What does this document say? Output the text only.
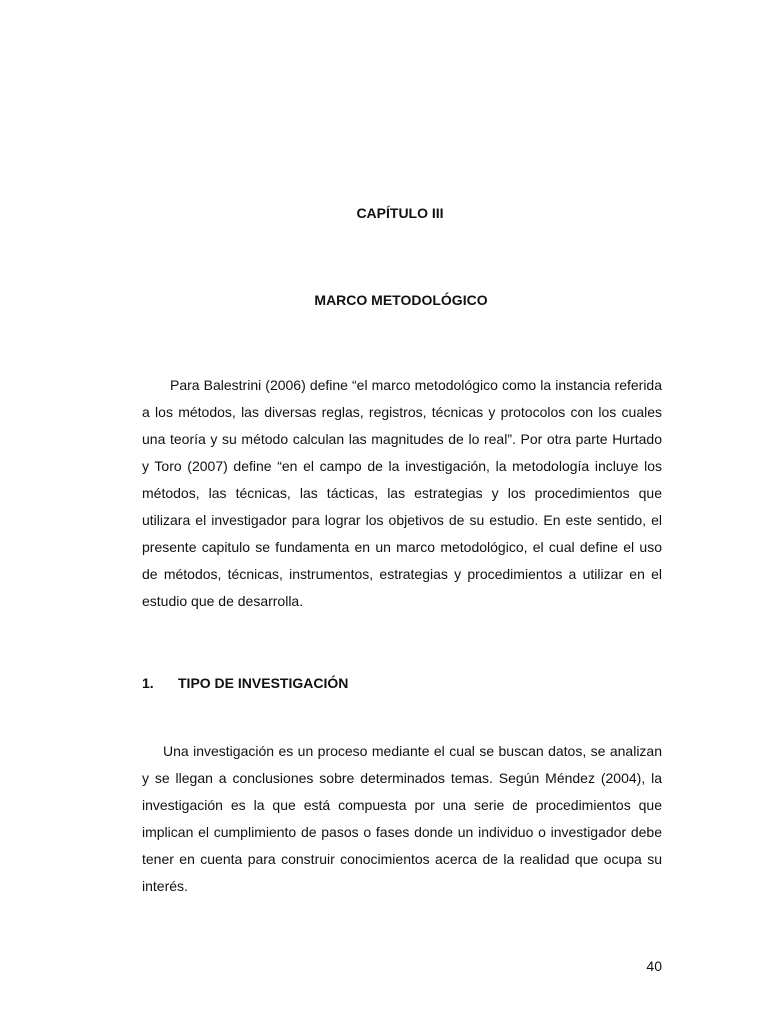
CAPÍTULO III
MARCO METODOLÓGICO
Para Balestrini (2006) define “el marco metodológico como la instancia referida a los métodos, las diversas reglas, registros, técnicas y protocolos con los cuales una teoría y su método calculan las magnitudes de lo real”. Por otra parte Hurtado y Toro (2007) define “en el campo de la investigación, la metodología incluye los métodos, las técnicas, las tácticas, las estrategias y los procedimientos que utilizara el investigador para lograr los objetivos de su estudio. En este sentido, el presente capitulo se fundamenta en un marco metodológico, el cual define el uso de métodos, técnicas, instrumentos, estrategias y procedimientos a utilizar en el estudio que de desarrolla.
1. TIPO DE INVESTIGACIÓN
Una investigación es un proceso mediante el cual se buscan datos, se analizan y se llegan a conclusiones sobre determinados temas. Según Méndez (2004), la investigación es la que está compuesta por una serie de procedimientos que implican el cumplimiento de pasos o fases donde un individuo o investigador debe tener en cuenta para construir conocimientos acerca de la realidad que ocupa su interés.
40
